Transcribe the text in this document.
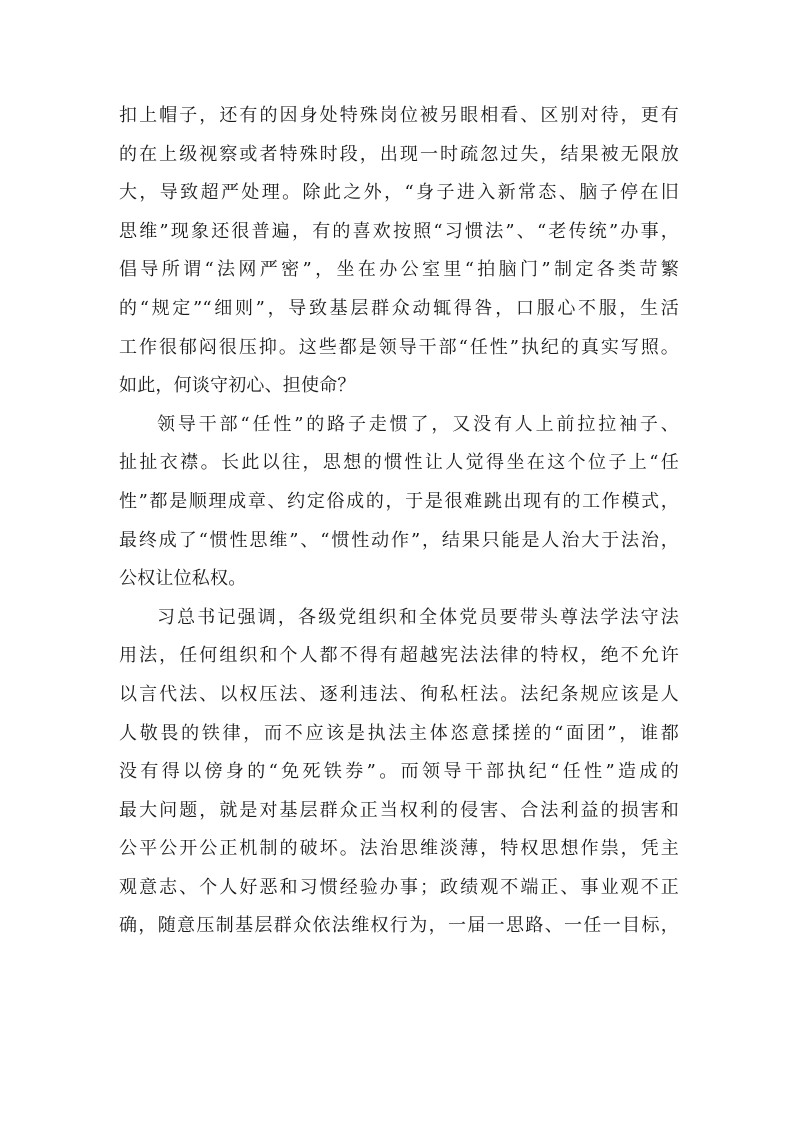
扣上帽子，还有的因身处特殊岗位被另眼相看、区别对待，更有
的在上级视察或者特殊时段，出现一时疏忽过失，结果被无限放
大，导致超严处理。除此之外，“身子进入新常态、脑子停在旧
思维”现象还很普遍，有的喜欢按照“习惯法”、“老传统”办事，
倡导所谓“法网严密”，坐在办公室里“拍脑门”制定各类苛繁
的“规定”“细则”，导致基层群众动辄得咎，口服心不服，生活
工作很郁闷很压抑。这些都是领导干部“任性”执纪的真实写照。
如此，何谈守初心、担使命？
领导干部“任性”的路子走惯了，又没有人上前拉拉袖子、
扯扯衣襟。长此以往，思想的惯性让人觉得坐在这个位子上“任
性”都是顺理成章、约定俗成的，于是很难跳出现有的工作模式，
最终成了“惯性思维”、“惯性动作”，结果只能是人治大于法治，
公权让位私权。
习总书记强调，各级党组织和全体党员要带头尊法学法守法
用法，任何组织和个人都不得有超越宪法法律的特权，绝不允许
以言代法、以权压法、逐利违法、徇私枉法。法纪条规应该是人
人敬畏的铁律，而不应该是执法主体恣意揉搓的“面团”，谁都
没有得以傍身的“免死铁券”。而领导干部执纪“任性”造成的
最大问题，就是对基层群众正当权利的侵害、合法利益的损害和
公平公开公正机制的破坏。法治思维淡薄，特权思想作祟，凭主
观意志、个人好恶和习惯经验办事；政绩观不端正、事业观不正
确，随意压制基层群众依法维权行为，一届一思路、一任一目标，
